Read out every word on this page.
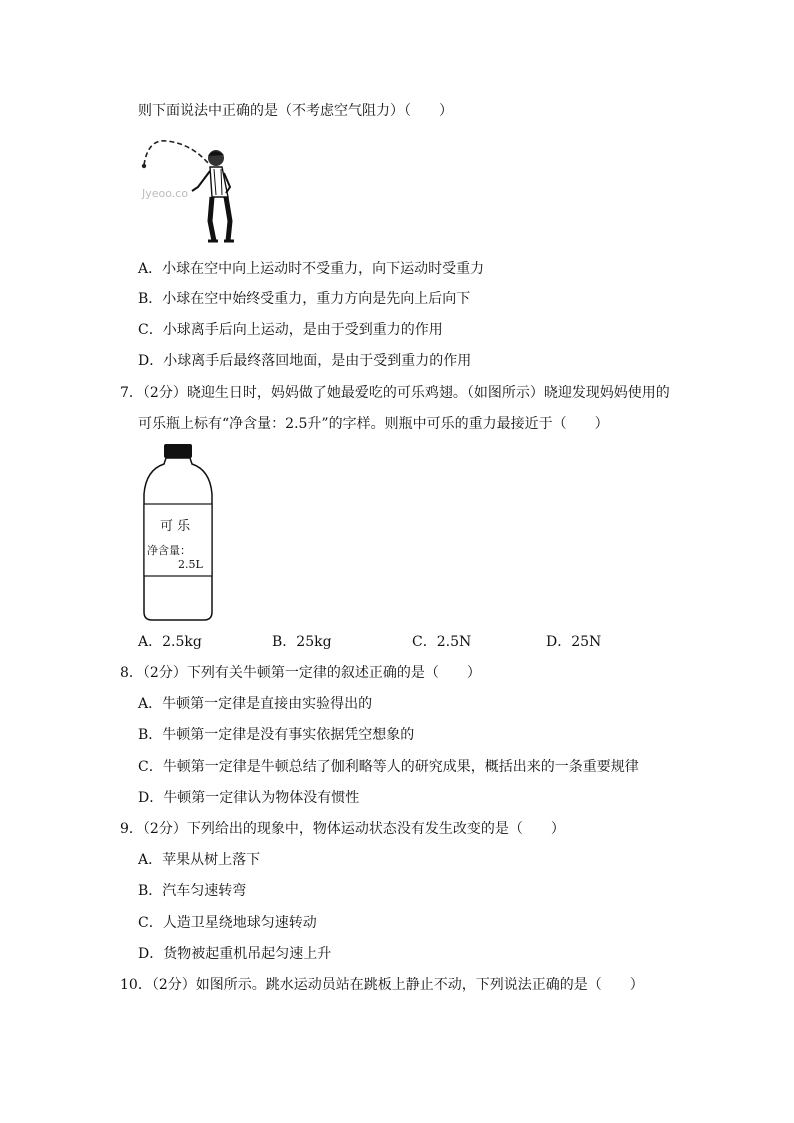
则下面说法中正确的是（不考虑空气阻力）（　　）
Jyeoo.co
A．小球在空中向上运动时不受重力，向下运动时受重力
B．小球在空中始终受重力，重力方向是先向上后向下
C．小球离手后向上运动，是由于受到重力的作用
D．小球离手后最终落回地面，是由于受到重力的作用
7．（2分）晓迎生日时，妈妈做了她最爱吃的可乐鸡翅。（如图所示）晓迎发现妈妈使用的
可乐瓶上标有“净含量：2.5升”的字样。则瓶中可乐的重力最接近于（　　）
可 乐
净含量：
2.5L
A．2.5kg	B．25kg	C．2.5N	D．25N
8．（2分）下列有关牛顿第一定律的叙述正确的是（　　）
A．牛顿第一定律是直接由实验得出的
B．牛顿第一定律是没有事实依据凭空想象的
C．牛顿第一定律是牛顿总结了伽利略等人的研究成果，概括出来的一条重要规律
D．牛顿第一定律认为物体没有惯性
9．（2分）下列给出的现象中，物体运动状态没有发生改变的是（　　）
A．苹果从树上落下
B．汽车匀速转弯
C．人造卫星绕地球匀速转动
D．货物被起重机吊起匀速上升
10．（2分）如图所示。跳水运动员站在跳板上静止不动，下列说法正确的是（　　）
